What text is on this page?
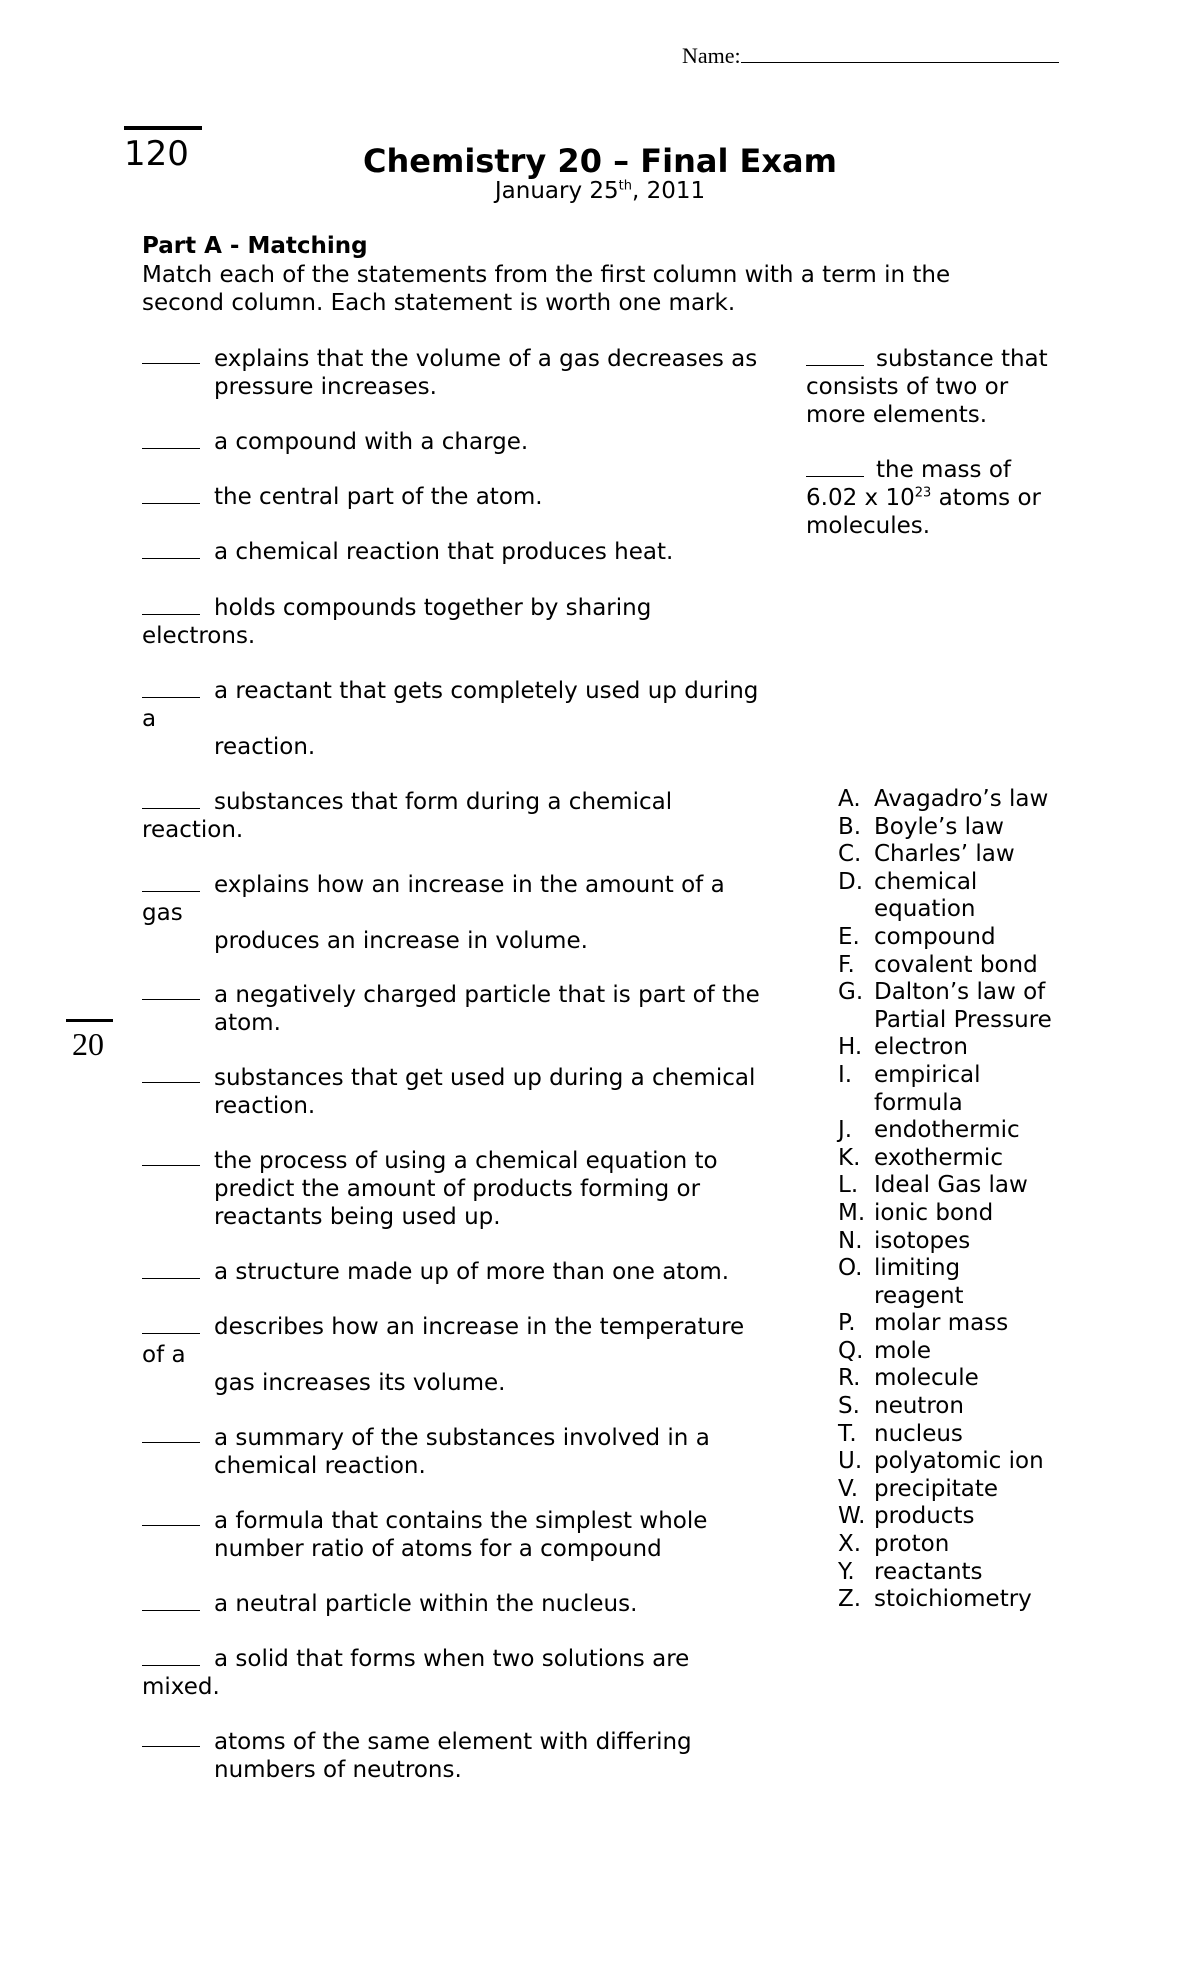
Name:
120
20
Chemistry 20 – Final Exam
January 25th, 2011
Part A - Matching
Match each of the statements from the first column with a term in the second column. Each statement is worth one mark.
explains that the volume of a gas decreases as
pressure increases.
a compound with a charge.
the central part of the atom.
a chemical reaction that produces heat.
holds compounds together by sharing
electrons.
a reactant that gets completely used up during
a
reaction.
substances that form during a chemical
reaction.
explains how an increase in the amount of a
gas
produces an increase in volume.
a negatively charged particle that is part of the
atom.
substances that get used up during a chemical
reaction.
the process of using a chemical equation to
predict the amount of products forming or
reactants being used up.
a structure made up of more than one atom.
describes how an increase in the temperature
of a
gas increases its volume.
a summary of the substances involved in a
chemical reaction.
a formula that contains the simplest whole
number ratio of atoms for a compound
a neutral particle within the nucleus.
a solid that forms when two solutions are
mixed.
atoms of the same element with differing
numbers of neutrons.
substance that
consists of two or
more elements.
the mass of
6.02 x $10^{23}$ atoms or
molecules.
A. Avagadro’s law
B. Boyle’s law
C. Charles’ law
D. chemical
equation
E. compound
F. covalent bond
G. Dalton’s law of
Partial Pressure
H. electron
I. empirical
formula
J. endothermic
K. exothermic
L. Ideal Gas law
M. ionic bond
N. isotopes
O. limiting
reagent
P. molar mass
Q. mole
R. molecule
S. neutron
T. nucleus
U. polyatomic ion
V. precipitate
W. products
X. proton
Y. reactants
Z. stoichiometry
